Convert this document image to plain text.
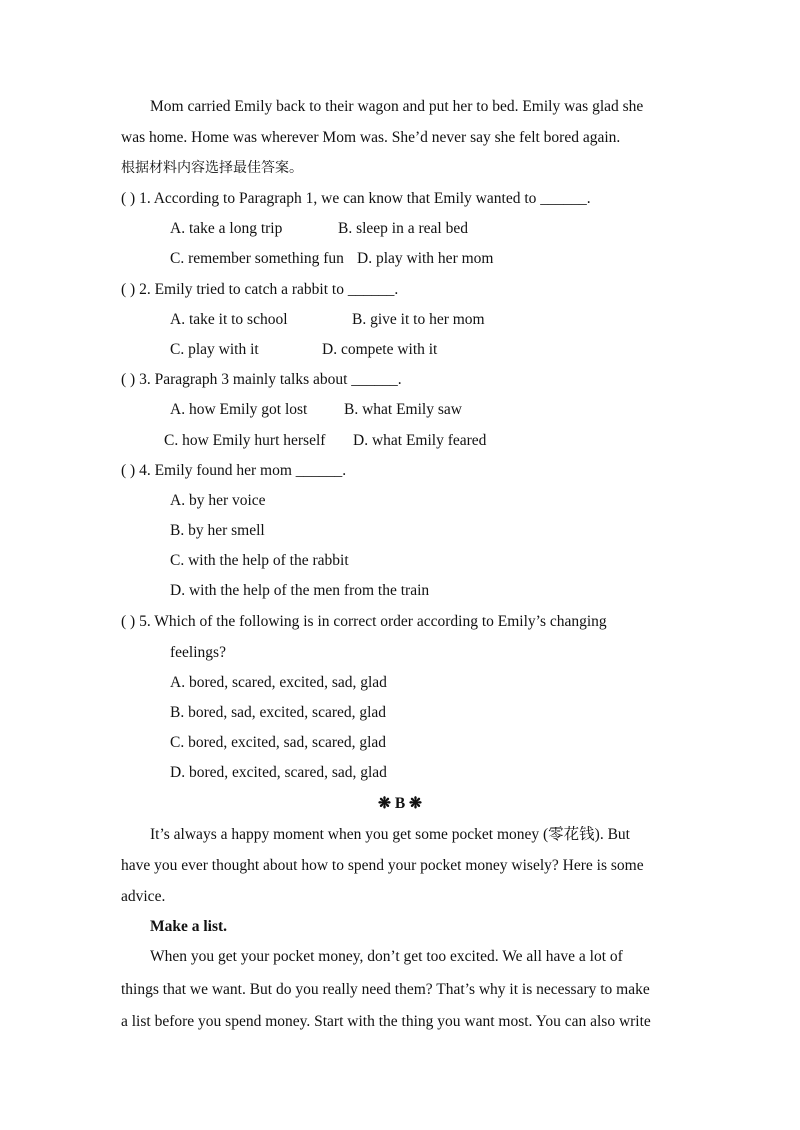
Mom carried Emily back to their wagon and put her to bed. Emily was glad she
was home. Home was wherever Mom was. She’d never say she felt bored again.
根据材料内容选择最佳答案。
( ) 1. According to Paragraph 1, we can know that Emily wanted to ______.
A. take a long trip	B. sleep in a real bed
C. remember something fun D. play with her mom
( ) 2. Emily tried to catch a rabbit to ______.
A. take it to school	B. give it to her mom
C. play with it	D. compete with it
( ) 3. Paragraph 3 mainly talks about ______.
A. how Emily got lost B. what Emily saw
C. how Emily hurt herself D. what Emily feared
( ) 4. Emily found her mom ______.
A. by her voice
B. by her smell
C. with the help of the rabbit
D. with the help of the men from the train
( ) 5. Which of the following is in correct order according to Emily’s changing
feelings?
A. bored, scared, excited, sad, glad
B. bored, sad, excited, scared, glad
C. bored, excited, sad, scared, glad
D. bored, excited, scared, sad, glad
❋ B ❋
It’s always a happy moment when you get some pocket money (零花钱). But
have you ever thought about how to spend your pocket money wisely? Here is some
advice.
Make a list.
When you get your pocket money, don’t get too excited. We all have a lot of
things that we want. But do you really need them? That’s why it is necessary to make
a list before you spend money. Start with the thing you want most. You can also write
